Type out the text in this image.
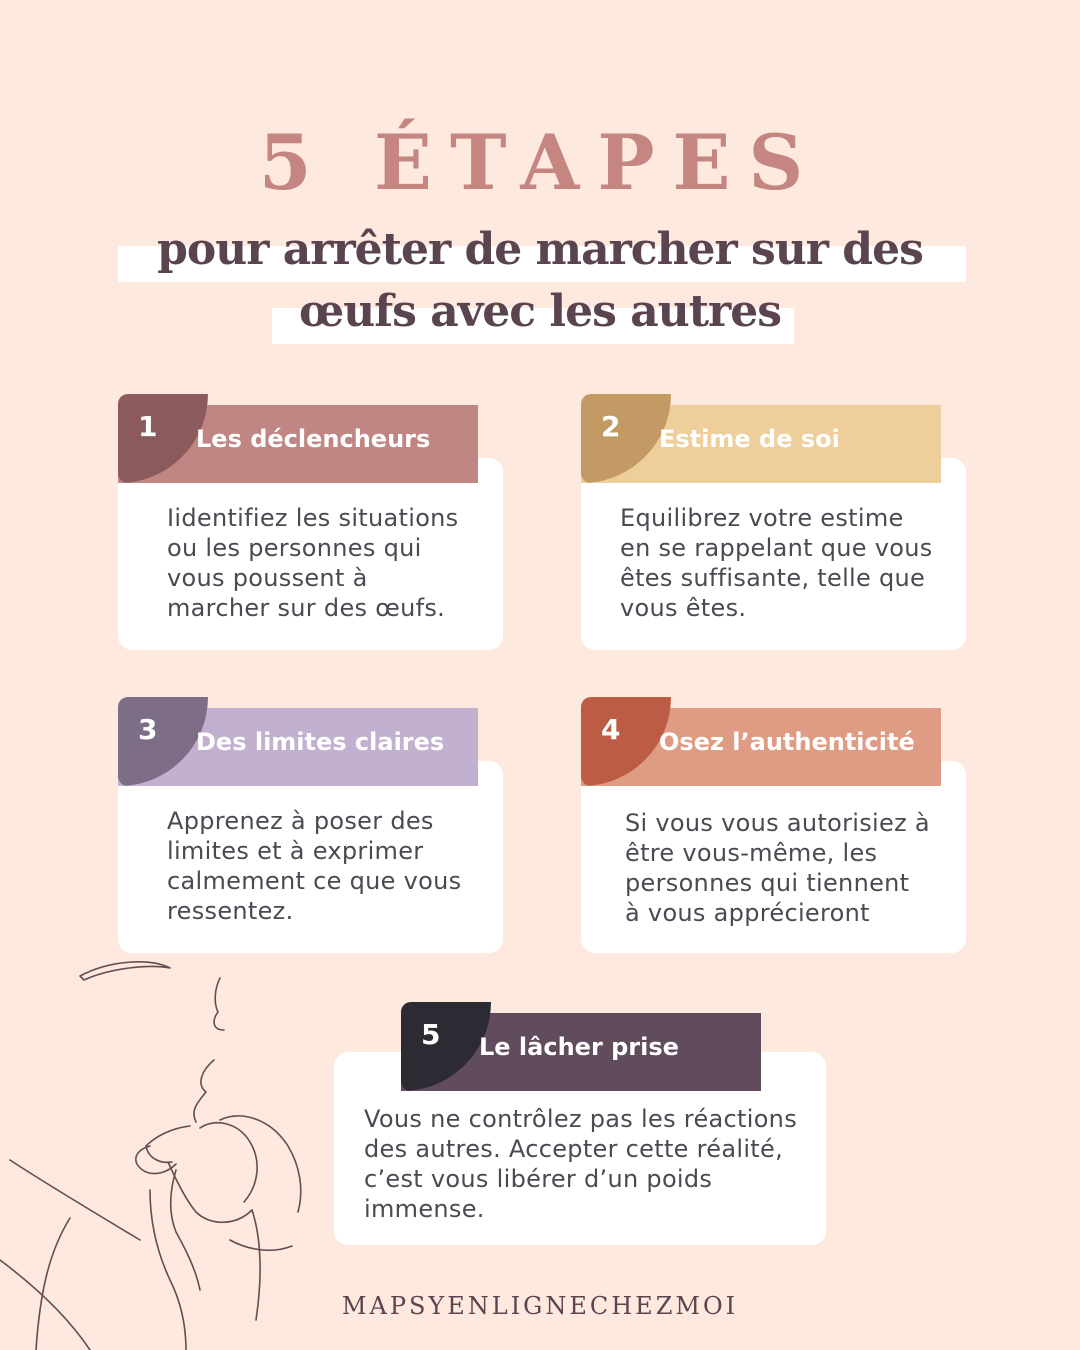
5 ÉTAPES
pour arrêter de marcher sur des
œufs avec les autres
Iidentifiez les situations
ou les personnes qui
vous poussent à
marcher sur des œufs.
1 Les déclencheurs
Equilibrez votre estime
en se rappelant que vous
êtes suffisante, telle que
vous êtes.
2 Estime de soi
Apprenez à poser des
limites et à exprimer
calmement ce que vous
ressentez.
3 Des limites claires
Si vous vous autorisiez à
être vous-même, les
personnes qui tiennent
à vous apprécieront
4 Osez l’authenticité
Vous ne contrôlez pas les réactions
des autres. Accepter cette réalité,
c’est vous libérer d’un poids
immense.
5 Le lâcher prise
MAPSYENLIGNECHEZMOI
